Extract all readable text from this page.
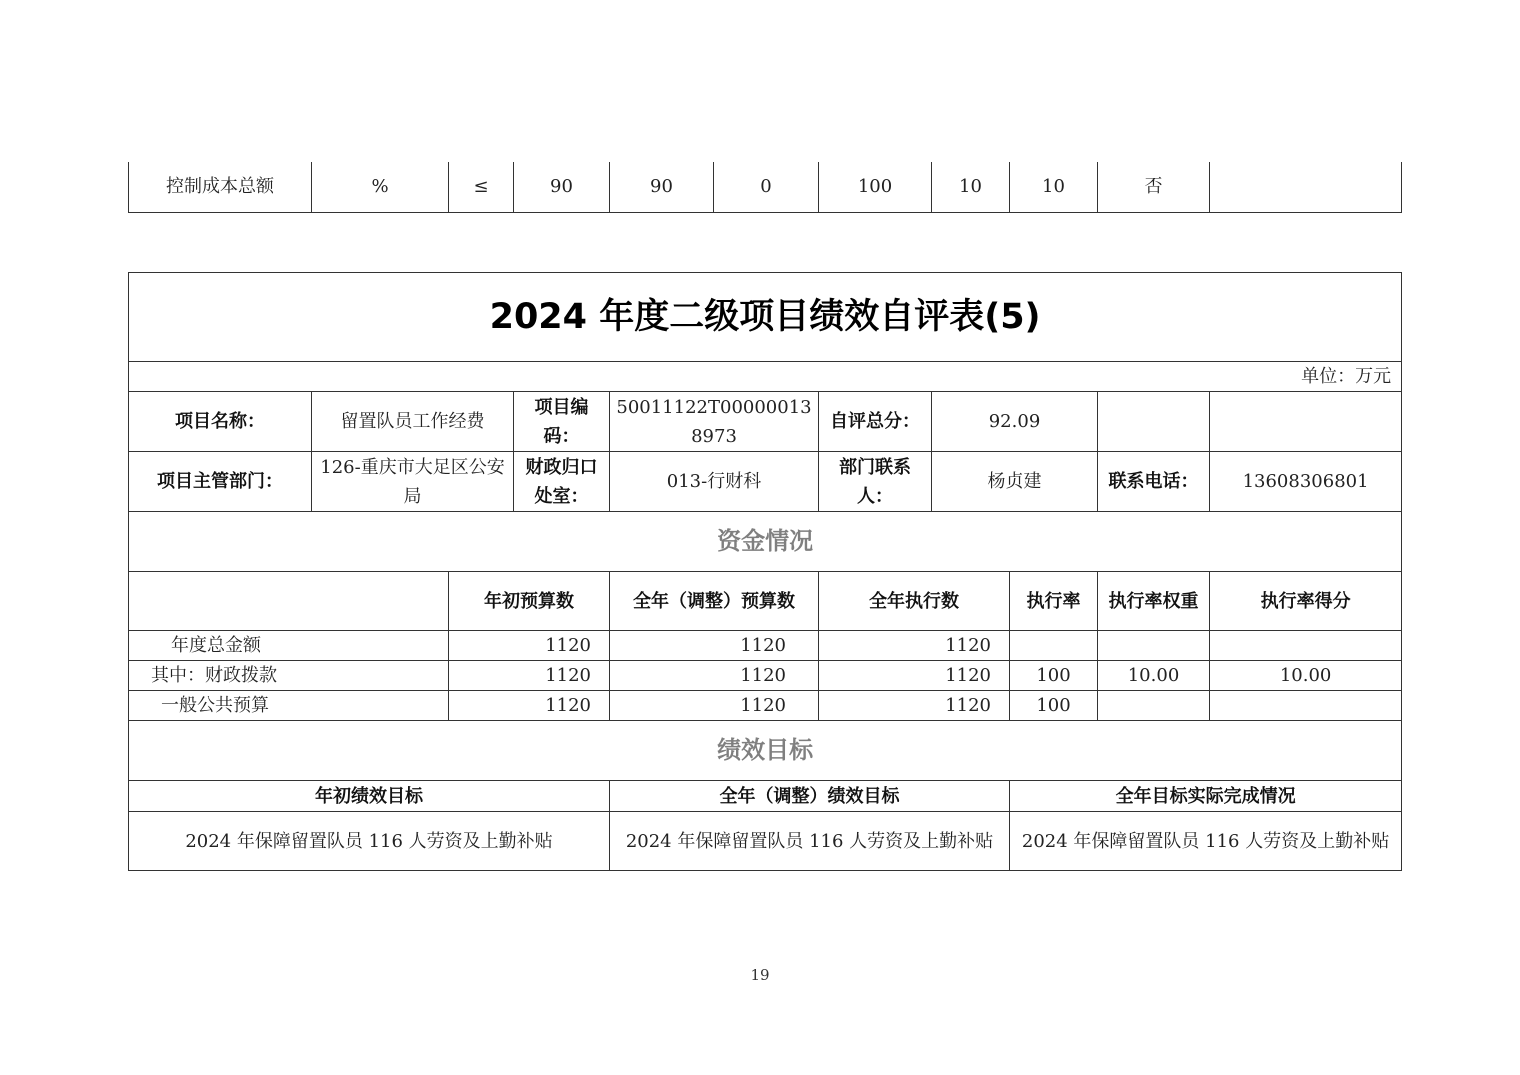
控制成本总额	%	≤	90	90	0	100	10	10	否	
2024 年度二级项目绩效自评表(5)									
单位：万元									
项目名称：	留置队员工作经费		项目编码：	50011122T000000138973	自评总分：	92.09			
项目主管部门：	126-重庆市大足区公安局		财政归口处室：	013-行财科	部门联系人：	杨贞建		联系电话：	13608306801
资金情况									
		年初预算数		全年（调整）预算数	全年执行数		执行率	执行率权重	执行率得分
年度总金额		1120		1120	1120				
其中：财政拨款		1120		1120	1120		100	10.00	10.00
一般公共预算		1120		1120	1120		100		
绩效目标									
年初绩效目标				全年（调整）绩效目标			全年目标实际完成情况		
2024 年保障留置队员 116 人劳资及上勤补贴				2024 年保障留置队员 116 人劳资及上勤补贴			2024 年保障留置队员 116 人劳资及上勤补贴		
19
